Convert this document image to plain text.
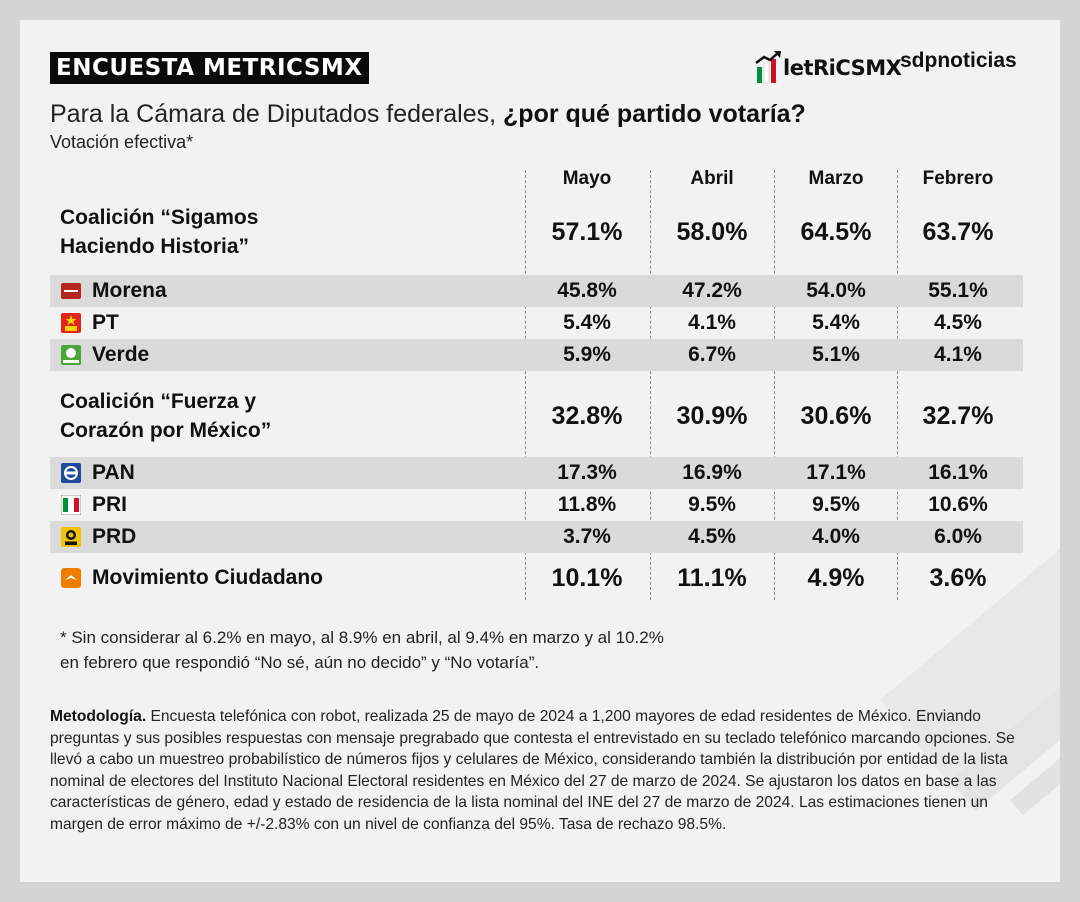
ENCUESTA METRICSMX	letRiCSMX
sdpnoticias
Para la Cámara de Diputados federales, ¿por qué partido votaría?
Votación efectiva*
Mayo	Abril	Marzo	Febrero
Coalición “Sigamos
Haciendo Historia”
57.1%	58.0%	64.5%	63.7%
Morena	45.8%	47.2%	54.0%	55.1%
PT	5.4%	4.1%	5.4%	4.5%
Verde	5.9%	6.7%	5.1%	4.1%
Coalición “Fuerza y
Corazón por México”
32.8%	30.9%	30.6%	32.7%
PAN	17.3%	16.9%	17.1%	16.1%
PRI	11.8%	9.5%	9.5%	10.6%
PRD	3.7%	4.5%	4.0%	6.0%
Movimiento Ciudadano	10.1%	11.1%	4.9%	3.6%
* Sin considerar al 6.2% en mayo, al 8.9% en abril, al 9.4% en marzo y al 10.2%
en febrero que respondió “No sé, aún no decido” y “No votaría”.
Metodología. Encuesta telefónica con robot, realizada 25 de mayo de 2024 a 1,200 mayores de edad residentes de México. Enviando preguntas y sus posibles respuestas con mensaje pregrabado que contesta el entrevistado en su teclado telefónico marcando opciones. Se llevó a cabo un muestreo probabilístico de números fijos y celulares de México, considerando también la distribución por entidad de la lista nominal de electores del Instituto Nacional Electoral residentes en México del 27 de marzo de 2024. Se ajustaron los datos en base a las características de género, edad y estado de residencia de la lista nominal del INE del 27 de marzo de 2024. Las estimaciones tienen un margen de error máximo de +/-2.83% con un nivel de confianza del 95%. Tasa de rechazo 98.5%.
